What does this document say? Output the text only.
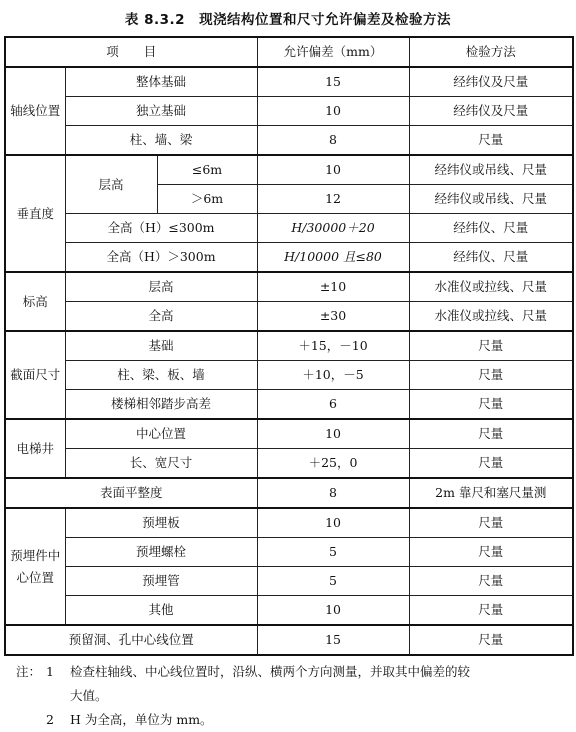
表 8.3.2 现浇结构位置和尺寸允许偏差及检验方法
项　　目			允许偏差（mm）	检验方法
轴线位置	整体基础		15	经纬仪及尺量
	独立基础		10	经纬仪及尺量
	柱、墙、梁		8	尺量
垂直度	层高	≤6m	10	经纬仪或吊线、尺量
		＞6m	12	经纬仪或吊线、尺量
	全高（H）≤300m		H/30000＋20	经纬仪、尺量
	全高（H）＞300m		H/10000 且≤80	经纬仪、尺量
标高	层高		±10	水准仪或拉线、尺量
	全高		±30	水准仪或拉线、尺量
截面尺寸	基础		＋15，－10	尺量
	柱、梁、板、墙		＋10，－5	尺量
	楼梯相邻踏步高差		6	尺量
电梯井	中心位置		10	尺量
	长、宽尺寸		＋25，0	尺量
表面平整度			8	2m 靠尺和塞尺量测
预埋件中心位置	预埋板		10	尺量
	预埋螺栓		5	尺量
	预埋管		5	尺量
	其他		10	尺量
预留洞、孔中心线位置			15	尺量
注： 1	检查柱轴线、中心线位置时，沿纵、横两个方向测量，并取其中偏差的较
大值。
2	H 为全高，单位为 mm。
